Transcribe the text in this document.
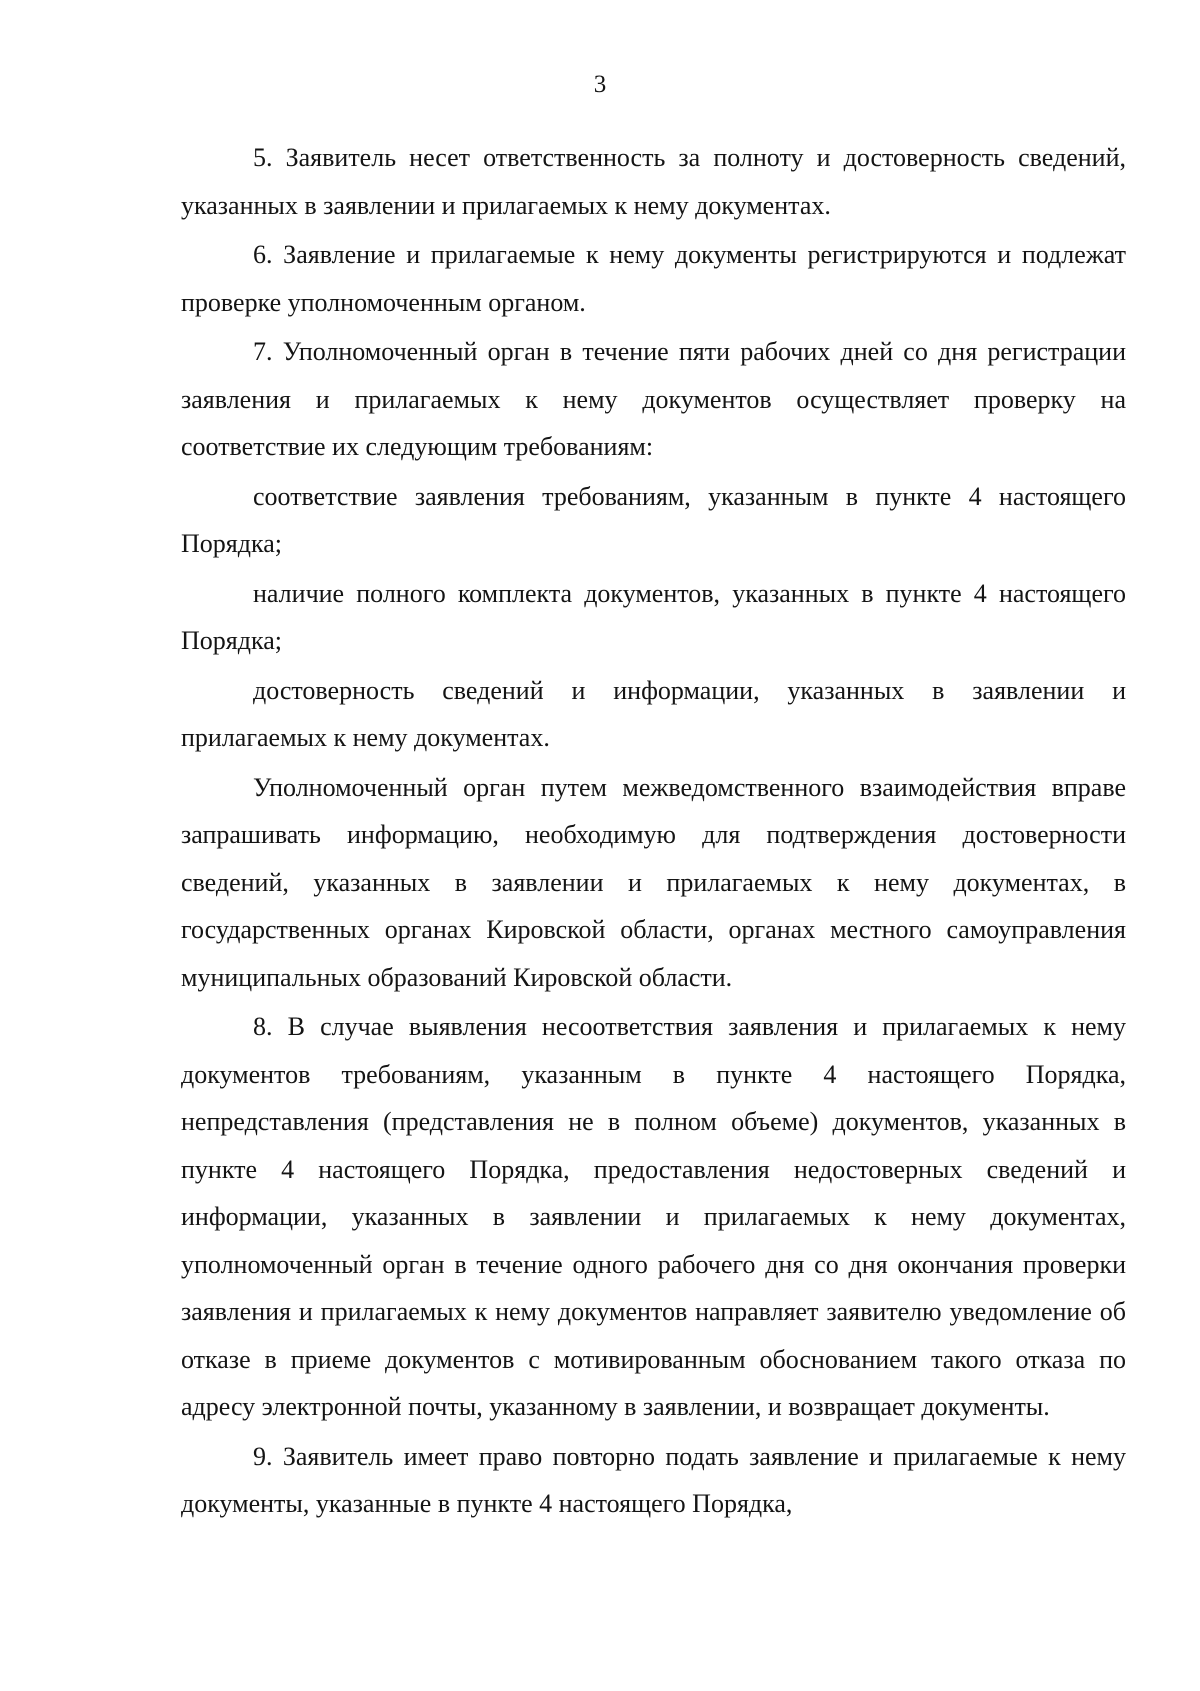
3

5. Заявитель несет ответственность за полноту и достоверность сведений, указанных в заявлении и прилагаемых к нему документах.

6. Заявление и прилагаемые к нему документы регистрируются и подлежат проверке уполномоченным органом.

7. Уполномоченный орган в течение пяти рабочих дней со дня регистрации заявления и прилагаемых к нему документов осуществляет проверку на соответствие их следующим требованиям:

соответствие заявления требованиям, указанным в пункте 4 настоящего Порядка;

наличие полного комплекта документов, указанных в пункте 4 настоящего Порядка;

достоверность сведений и информации, указанных в заявлении и прилагаемых к нему документах.

Уполномоченный орган путем межведомственного взаимодействия вправе запрашивать информацию, необходимую для подтверждения достоверности сведений, указанных в заявлении и прилагаемых к нему документах, в государственных органах Кировской области, органах местного самоуправления муниципальных образований Кировской области.

8. В случае выявления несоответствия заявления и прилагаемых к нему документов требованиям, указанным в пункте 4 настоящего Порядка, непредставления (представления не в полном объеме) документов, указанных в пункте 4 настоящего Порядка, предоставления недостоверных сведений и информации, указанных в заявлении и прилагаемых к нему документах, уполномоченный орган в течение одного рабочего дня со дня окончания проверки заявления и прилагаемых к нему документов направляет заявителю уведомление об отказе в приеме документов с мотивированным обоснованием такого отказа по адресу электронной почты, указанному в заявлении, и возвращает документы.

9. Заявитель имеет право повторно подать заявление и прилагаемые к нему документы, указанные в пункте 4 настоящего Порядка,
